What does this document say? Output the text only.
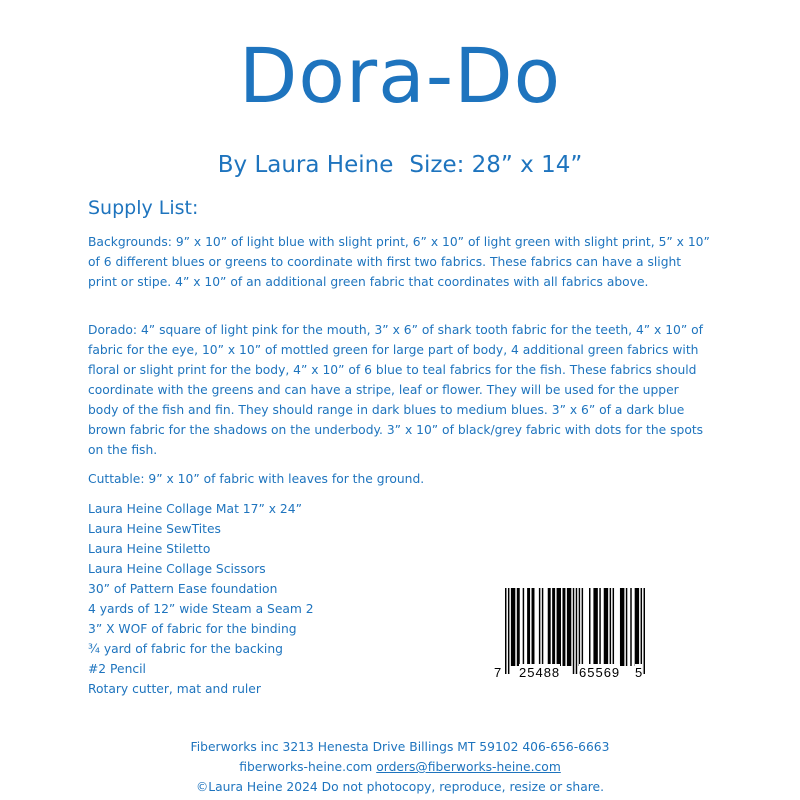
Dora-Do
By Laura Heine Size: 28” x 14”
Supply List:

Backgrounds: 9” x 10” of light blue with slight print, 6” x 10” of light green with slight print, 5” x 10” of 6 different blues or greens to coordinate with first two fabrics. These fabrics can have a slight print or stipe. 4” x 10” of an additional green fabric that coordinates with all fabrics above.

Dorado: 4” square of light pink for the mouth, 3” x 6” of shark tooth fabric for the teeth, 4” x 10” of fabric for the eye, 10” x 10” of mottled green for large part of body, 4 additional green fabrics with floral or slight print for the body, 4” x 10” of 6 blue to teal fabrics for the fish. These fabrics should coordinate with the greens and can have a stripe, leaf or flower. They will be used for the upper body of the fish and fin. They should range in dark blues to medium blues. 3” x 6” of a dark blue brown fabric for the shadows on the underbody. 3” x 10” of black/grey fabric with dots for the spots on the fish.

Cuttable: 9” x 10” of fabric with leaves for the ground.

Laura Heine Collage Mat 17” x 24”
Laura Heine SewTites
Laura Heine Stiletto
Laura Heine Collage Scissors
30” of Pattern Ease foundation
4 yards of 12” wide Steam a Seam 2
3” X WOF of fabric for the binding
¾ yard of fabric for the backing
#2 Pencil
Rotary cutter, mat and ruler
7 25488 65569 5
Fiberworks inc 3213 Henesta Drive Billings MT 59102 406-656-6663
fiberworks-heine.com orders@fiberworks-heine.com
©Laura Heine 2024 Do not photocopy, reproduce, resize or share.
